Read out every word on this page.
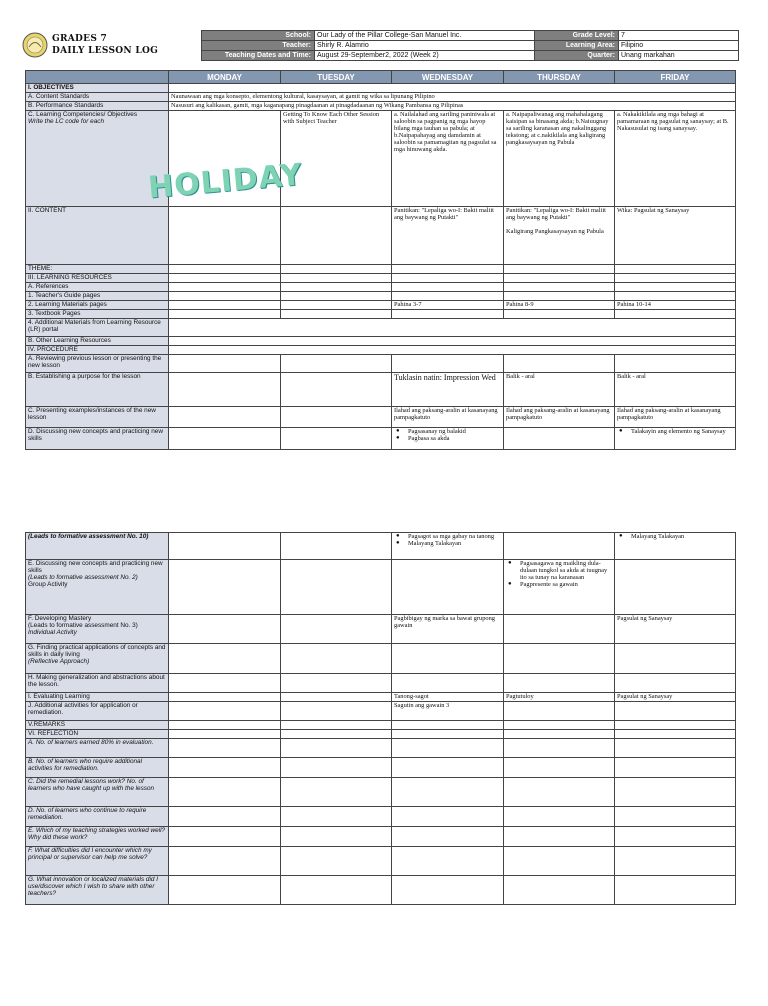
GRADES 7
DAILY LESSON LOG
School:	Our Lady of the Pillar College-San Manuel Inc.	Grade Level:	7
Teacher:	Shirly R. Alamrio	Learning Area:	Filipino
Teaching Dates and Time:	August 29-September2, 2022 (Week 2)	Quarter:	Unang markahan
	MONDAY	TUESDAY	WEDNESDAY	THURSDAY	FRIDAY
I. OBJECTIVES					
A. Content Standards	Naunawaan ang mga konsepto, elementong kultural, kasaysayan, at gamit ng wika sa lipunang Pilipino				
B. Performance Standards	Nasusuri ang kalikasan, gamit, mga kaganapang pinagdaanan at pinagdadaanan ng Wikang Pambansa ng Pilipinas				
C. Learning Competencies/ Objectives
Write the LC code for each		Getting To Know Each Other Session with Subject Teacher	a. Nailalahad ang sariling paniniwala at saloobin sa pagpanig ng mga hayop bilang mga tauhan sa pabula; at b.Naipapahayag ang damdamin at saloobin sa pamamagitan ng pagsulat sa mga hinuwang akda.	a. Naipapaliwanag ang mahahalagang kaisipan sa binasang akda; b.Naiuugnay sa sariling karanasan ang nakalinggang tekstong; at c.nakikilala ang kaligirang pangkasaysayan ng Pabula	a. Nakakikilala ang mga bahagi at pamamaraan ng pagsulat ng sanaysay; at B. Nakasusulat ng isang sanaysay.
II. CONTENT			Panitikan: "Lepaliga wo-I: Bakit maliit ang baywang ng Putakti"	Panitikan: "Lepaliga wo-I: Bakit maliit ang baywang ng Putakti"
Kaligirang Pangkasaysayan ng Pabula	Wika: Pagsulat ng Sanaysay
THEME:					
III. LEARNING RESOURCES					
A. References					
1. Teacher's Guide pages					
2. Learning Materials pages			Pahina 3-7	Pahina 8-9	Pahina 10-14
3. Textbook Pages					
4. Additional Materials from Learning Resource (LR) portal					
B. Other Learning Resources					
IV. PROCEDURE					
A. Reviewing previous lesson or presenting the new lesson					
B. Establishing a purpose for the lesson			Tuklasin natin: Impression Wed	Balik - aral	Balik - aral
C. Presenting examples/instances of the new lesson			Ilahad ang paksang-aralin at kasanayang pampagkatuto	Ilahad ang paksang-aralin at kasanayang pampagkatuto	Ilahad ang paksang-aralin at kasanayang pampagkatuto
D. Discussing new concepts and practicing new skills			● Pagsasanay ng balakid
● Pagbasa sa akda		● Talakayin ang elemento ng Sanaysay
HOLIDAY
(Leads to formative assessment No. 10)			● Pagsagot sa mga gabay na tanong
● Malayang Talakayan		● Malayang Talakayan

E. Discussing new concepts and practicing new skills
(Leads to formative assessment No. 2)
Group Activity				● Pagsasagawa ng maikling dula-dulaan tungkol sa akda at iuugnay ito sa tunay na karanasan
● Pagpresente sa gawain

F. Developing Mastery
(Leads to formative assessment No. 3)
Individual Activity			Pagbibigay ng marka sa bawat grupong gawain		Pagsulat ng Sanaysay
G. Finding practical applications of concepts and skills in daily living
(Reflective Approach)					
H. Making generalization and abstractions about the lesson.					
I. Evaluating Learning			Tanong-sagot	Pagtutuloy	Pagsulat ng Sanaysay
J. Additional activities for application or remediation.			Sagutin ang gawain 3		
V.REMARKS					
VI. REFLECTION					
A. No. of learners earned 80% in evaluation.					
B. No. of learners who require additional activities for remediation.					
C. Did the remedial lessons work? No. of learners who have caught up with the lesson					
D. No. of learners who continue to require remediation.					
E. Which of my teaching strategies worked well? Why did these work?					
F. What difficulties did I encounter which my principal or supervisor can help me solve?					
G. What innovation or localized materials did I use/discover which I wish to share with other teachers?					
